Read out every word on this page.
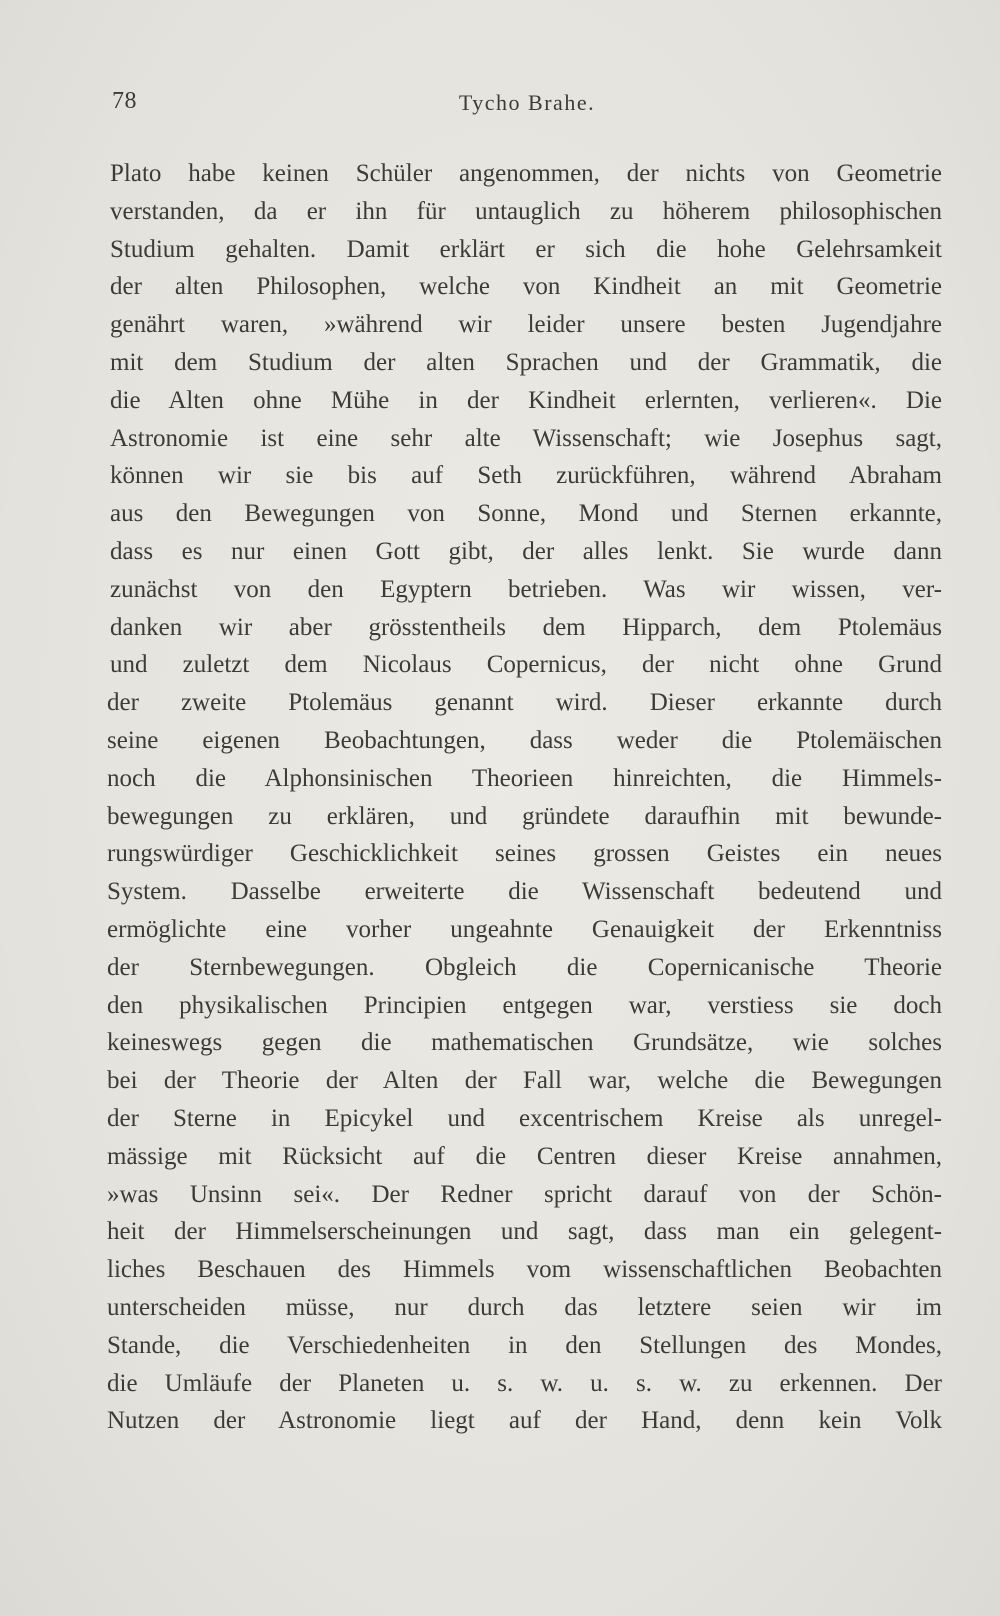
78	Tycho Brahe.
Plato habe keinen Schüler angenommen, der nichts von Geometrie
verstanden, da er ihn für untauglich zu höherem philosophischen
Studium gehalten. Damit erklärt er sich die hohe Gelehrsamkeit
der alten Philosophen, welche von Kindheit an mit Geometrie
genährt waren, »während wir leider unsere besten Jugendjahre
mit dem Studium der alten Sprachen und der Grammatik, die
die Alten ohne Mühe in der Kindheit erlernten, verlieren«. Die
Astronomie ist eine sehr alte Wissenschaft; wie Josephus sagt,
können wir sie bis auf Seth zurückführen, während Abraham
aus den Bewegungen von Sonne, Mond und Sternen erkannte,
dass es nur einen Gott gibt, der alles lenkt. Sie wurde dann
zunächst von den Egyptern betrieben. Was wir wissen, ver-
danken wir aber grösstentheils dem Hipparch, dem Ptolemäus
und zuletzt dem Nicolaus Copernicus, der nicht ohne Grund
der zweite Ptolemäus genannt wird. Dieser erkannte durch
seine eigenen Beobachtungen, dass weder die Ptolemäischen
noch die Alphonsinischen Theorieen hinreichten, die Himmels-
bewegungen zu erklären, und gründete daraufhin mit bewunde-
rungswürdiger Geschicklichkeit seines grossen Geistes ein neues
System. Dasselbe erweiterte die Wissenschaft bedeutend und
ermöglichte eine vorher ungeahnte Genauigkeit der Erkenntniss
der Sternbewegungen. Obgleich die Copernicanische Theorie
den physikalischen Principien entgegen war, verstiess sie doch
keineswegs gegen die mathematischen Grundsätze, wie solches
bei der Theorie der Alten der Fall war, welche die Bewegungen
der Sterne in Epicykel und excentrischem Kreise als unregel-
mässige mit Rücksicht auf die Centren dieser Kreise annahmen,
»was Unsinn sei«. Der Redner spricht darauf von der Schön-
heit der Himmelserscheinungen und sagt, dass man ein gelegent-
liches Beschauen des Himmels vom wissenschaftlichen Beobachten
unterscheiden müsse, nur durch das letztere seien wir im
Stande, die Verschiedenheiten in den Stellungen des Mondes,
die Umläufe der Planeten u. s. w. u. s. w. zu erkennen. Der
Nutzen der Astronomie liegt auf der Hand, denn kein Volk
